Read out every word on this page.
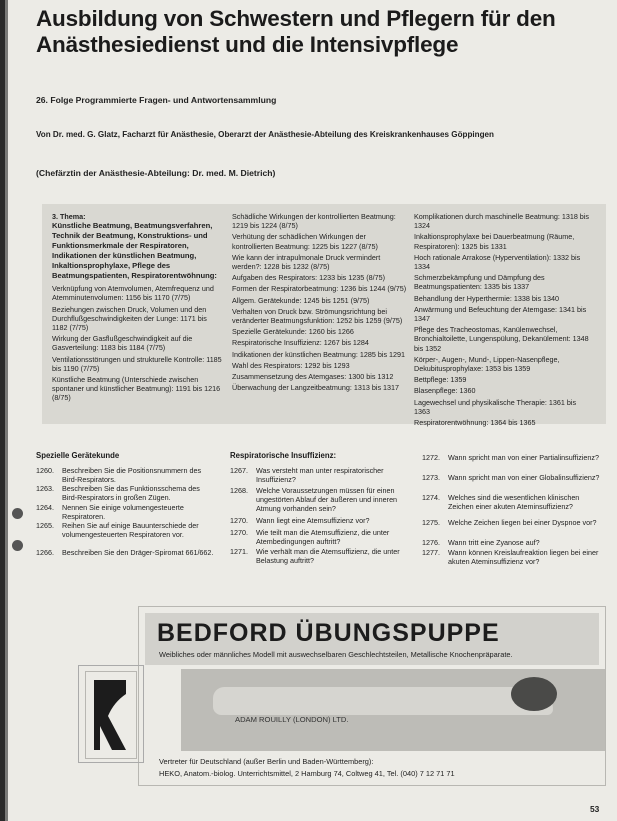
Ausbildung von Schwestern und Pflegern für den Anästhesiedienst und die Intensivpflege
26. Folge Programmierte Fragen- und Antwortensammlung
Von Dr. med. G. Glatz, Facharzt für Anästhesie, Oberarzt der Anästhesie-Abteilung des Kreiskrankenhauses Göppingen
(Chefärztin der Anästhesie-Abteilung: Dr. med. M. Dietrich)

3. Thema:

Künstliche Beatmung, Beatmungsverfahren, Technik der Beatmung, Konstruktions- und Funktionsmerkmale der Respiratoren, Indikationen der künstlichen Beatmung, Inkaltionsprophylaxe, Pflege des Beatmungspatienten, Respiratorentwöhnung:

Verknüpfung von Atemvolumen, Atemfrequenz und Atemminutenvolumen: 1156 bis 1170 (7/75)

Beziehungen zwischen Druck, Volumen und den Durchflußgeschwindigkeiten der Lunge: 1171 bis 1182 (7/75)

Wirkung der Gasflußgeschwindigkeit auf die Gasverteilung: 1183 bis 1184 (7/75)

Ventilationsstörungen und strukturelle Kontrolle: 1185 bis 1190 (7/75)

Künstliche Beatmung (Unterschiede zwischen spontaner und künstlicher Beatmung): 1191 bis 1216 (8/75)

Schädliche Wirkungen der kontrollierten Beatmung: 1219 bis 1224 (8/75)

Verhütung der schädlichen Wirkungen der kontrollierten Beatmung: 1225 bis 1227 (8/75)

Wie kann der intrapulmonale Druck vermindert werden?: 1228 bis 1232 (8/75)

Aufgaben des Respirators: 1233 bis 1235 (8/75)

Formen der Respiratorbeatmung: 1236 bis 1244 (9/75)

Allgem. Gerätekunde: 1245 bis 1251 (9/75)

Verhalten von Druck bzw. Strömungsrichtung bei veränderter Beatmungsfunktion: 1252 bis 1259 (9/75)

Spezielle Gerätekunde: 1260 bis 1266

Respiratorische Insuffizienz: 1267 bis 1284

Indikationen der künstlichen Beatmung: 1285 bis 1291

Wahl des Respirators: 1292 bis 1293

Zusammensetzung des Atemgases: 1300 bis 1312

Überwachung der Langzeitbeatmung: 1313 bis 1317

Komplikationen durch maschinelle Beatmung: 1318 bis 1324

Inkaltionsprophylaxe bei Dauerbeatmung (Räume, Respiratoren): 1325 bis 1331

Hoch rationale Arrakose (Hyperventilation): 1332 bis 1334

Schmerzbekämpfung und Dämpfung des Beatmungspatienten: 1335 bis 1337

Behandlung der Hyperthermie: 1338 bis 1340

Anwärmung und Befeuchtung der Atemgase: 1341 bis 1347

Pflege des Tracheostomas, Kanülenwechsel, Bronchialtoilette, Lungenspülung, Dekanülement: 1348 bis 1352

Körper-, Augen-, Mund-, Lippen-Nasenpflege, Dekubitusprophylaxe: 1353 bis 1359

Bettpflege: 1359

Blasenpflege: 1360

Lagewechsel und physikalische Therapie: 1361 bis 1363

Respiratorentwöhnung: 1364 bis 1365

Spezielle Gerätekunde
1260.	Beschreiben Sie die Positionsnummern des Bird-Respirators.
1263.	Beschreiben Sie das Funktionsschema des Bird-Respirators in großen Zügen.
1264.	Nennen Sie einige volumengesteuerte Respiratoren.
1265.	Reihen Sie auf einige Bauunterschiede der volumengesteuerten Respiratoren vor.
1266.	Beschreiben Sie den Dräger-Spiromat 661/662.
Respiratorische Insuffizienz:
1267.	Was versteht man unter respiratorischer Insuffizienz?
1268.	Welche Voraussetzungen müssen für einen ungestörten Ablauf der äußeren und inneren Atmung vorhanden sein?
1270.	Wann liegt eine Atemsuffizienz vor?
1270.	Wie teilt man die Atemsuffizienz, die unter Atembedingungen auftritt?
1271.	Wie verhält man die Atemsuffizienz, die unter Belastung auftritt?
1272.	Wann spricht man von einer Partialinsuffizienz?
1273.	Wann spricht man von einer Globalinsuffizienz?
1274.	Welches sind die wesentlichen klinischen Zeichen einer akuten Ateminsuffizienz?
1275.	Welche Zeichen liegen bei einer Dyspnoe vor?
1276.	Wann tritt eine Zyanose auf?
1277.	Wann können Kreislaufreaktion liegen bei einer akuten Ateminsuffizienz vor?
BEDFORD ÜBUNGSPUPPE
Weibliches oder männliches Modell mit auswechselbaren Geschlechtsteilen, Metallische Knochenpräparate.
ADAM ROUILLY (LONDON) LTD.
Vertreter für Deutschland (außer Berlin und Baden-Württemberg):
HEKO, Anatom.-biolog. Unterrichtsmittel, 2 Hamburg 74, Coltweg 41, Tel. (040) 7 12 71 71
53
